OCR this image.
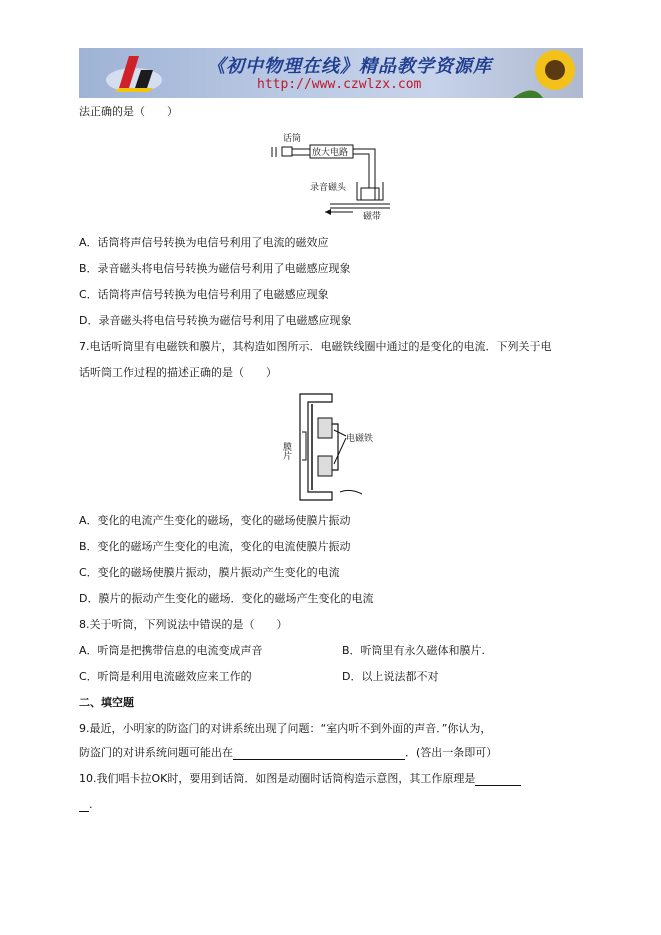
《初中物理在线》精品教学资源库
http://www.czwlzx.com
法正确的是（　　）
话筒
放大电路
录音磁头
磁带
A．话筒将声信号转换为电信号利用了电流的磁效应
B．录音磁头将电信号转换为磁信号利用了电磁感应现象
C．话筒将声信号转换为电信号利用了电磁感应现象
D．录音磁头将电信号转换为磁信号利用了电磁感应现象
7.电话听筒里有电磁铁和膜片，其构造如图所示．电磁铁线圈中通过的是变化的电流．下列关于电
话听筒工作过程的描述正确的是（　　）
膜片
电磁铁
A．变化的电流产生变化的磁场，变化的磁场使膜片振动
B．变化的磁场产生变化的电流，变化的电流使膜片振动
C．变化的磁场使膜片振动，膜片振动产生变化的电流
D．膜片的振动产生变化的磁场．变化的磁场产生变化的电流
8.关于听筒，下列说法中错误的是（　　）
A．听筒是把携带信息的电流变成声音	B．听筒里有永久磁体和膜片.
C．听筒是利用电流磁效应来工作的	D．以上说法都不对
二、填空题
9.最近，小明家的防盗门的对讲系统出现了问题：“室内听不到外面的声音．”你认为，
防盗门的对讲系统问题可能出在	．(答出一条即可）
10.我们唱卡拉OK时，要用到话筒．如图是动圈时话筒构造示意图，其工作原理是
.
